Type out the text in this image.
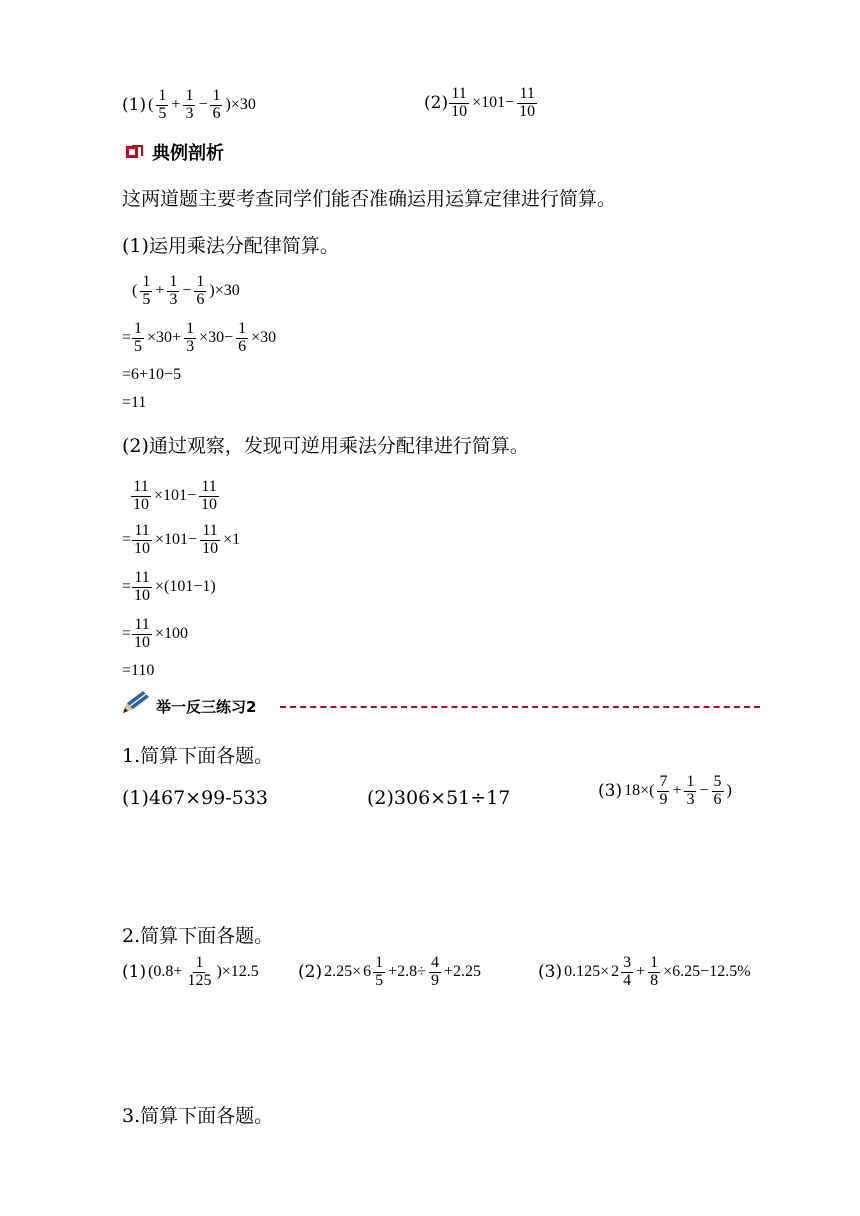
(1) ( $\frac{1}{5} + \frac{1}{3} - \frac{1}{6} )\times 30$	$(2) \frac{11}{10} \times 101- \frac{11}{10}$
典例剖析
这两道题主要考查同学们能否准确运用运算定律进行简算。
(1)运用乘法分配律简算。
( $\frac{1}{5} + \frac{1}{3} - \frac{1}{6} )\times 30$
= $\frac{1}{5} \times 30+ \frac{1}{3} \times 30- \frac{1}{6} \times 30$
=6+10−5
=11
(2)通过观察，发现可逆用乘法分配律进行简算。
$\frac{11}{10} \times 101- \frac{11}{10}$
= $\frac{11}{10} \times 101- \frac{11}{10} \times 1$
= $\frac{11}{10} \times(101-1)$
= $\frac{11}{10} \times 100$
=110
举一反三练习2
1.简算下面各题。
(1)467×99-533	(2)306×51÷17	(3) $18\times( \frac{7}{9} + \frac{1}{3} - \frac{5}{6}$ )
2.简算下面各题。
(1) $(0.8+ \frac{1}{125} )\times 12.5$ (2) $2.25\times 6 \frac{1}{5} +2.8\div \frac{4}{9} +2.25$	(3) $0.125\times 2 \frac{3}{4} + \frac{1}{8} \times 6.25-12.5\%$
3.简算下面各题。
